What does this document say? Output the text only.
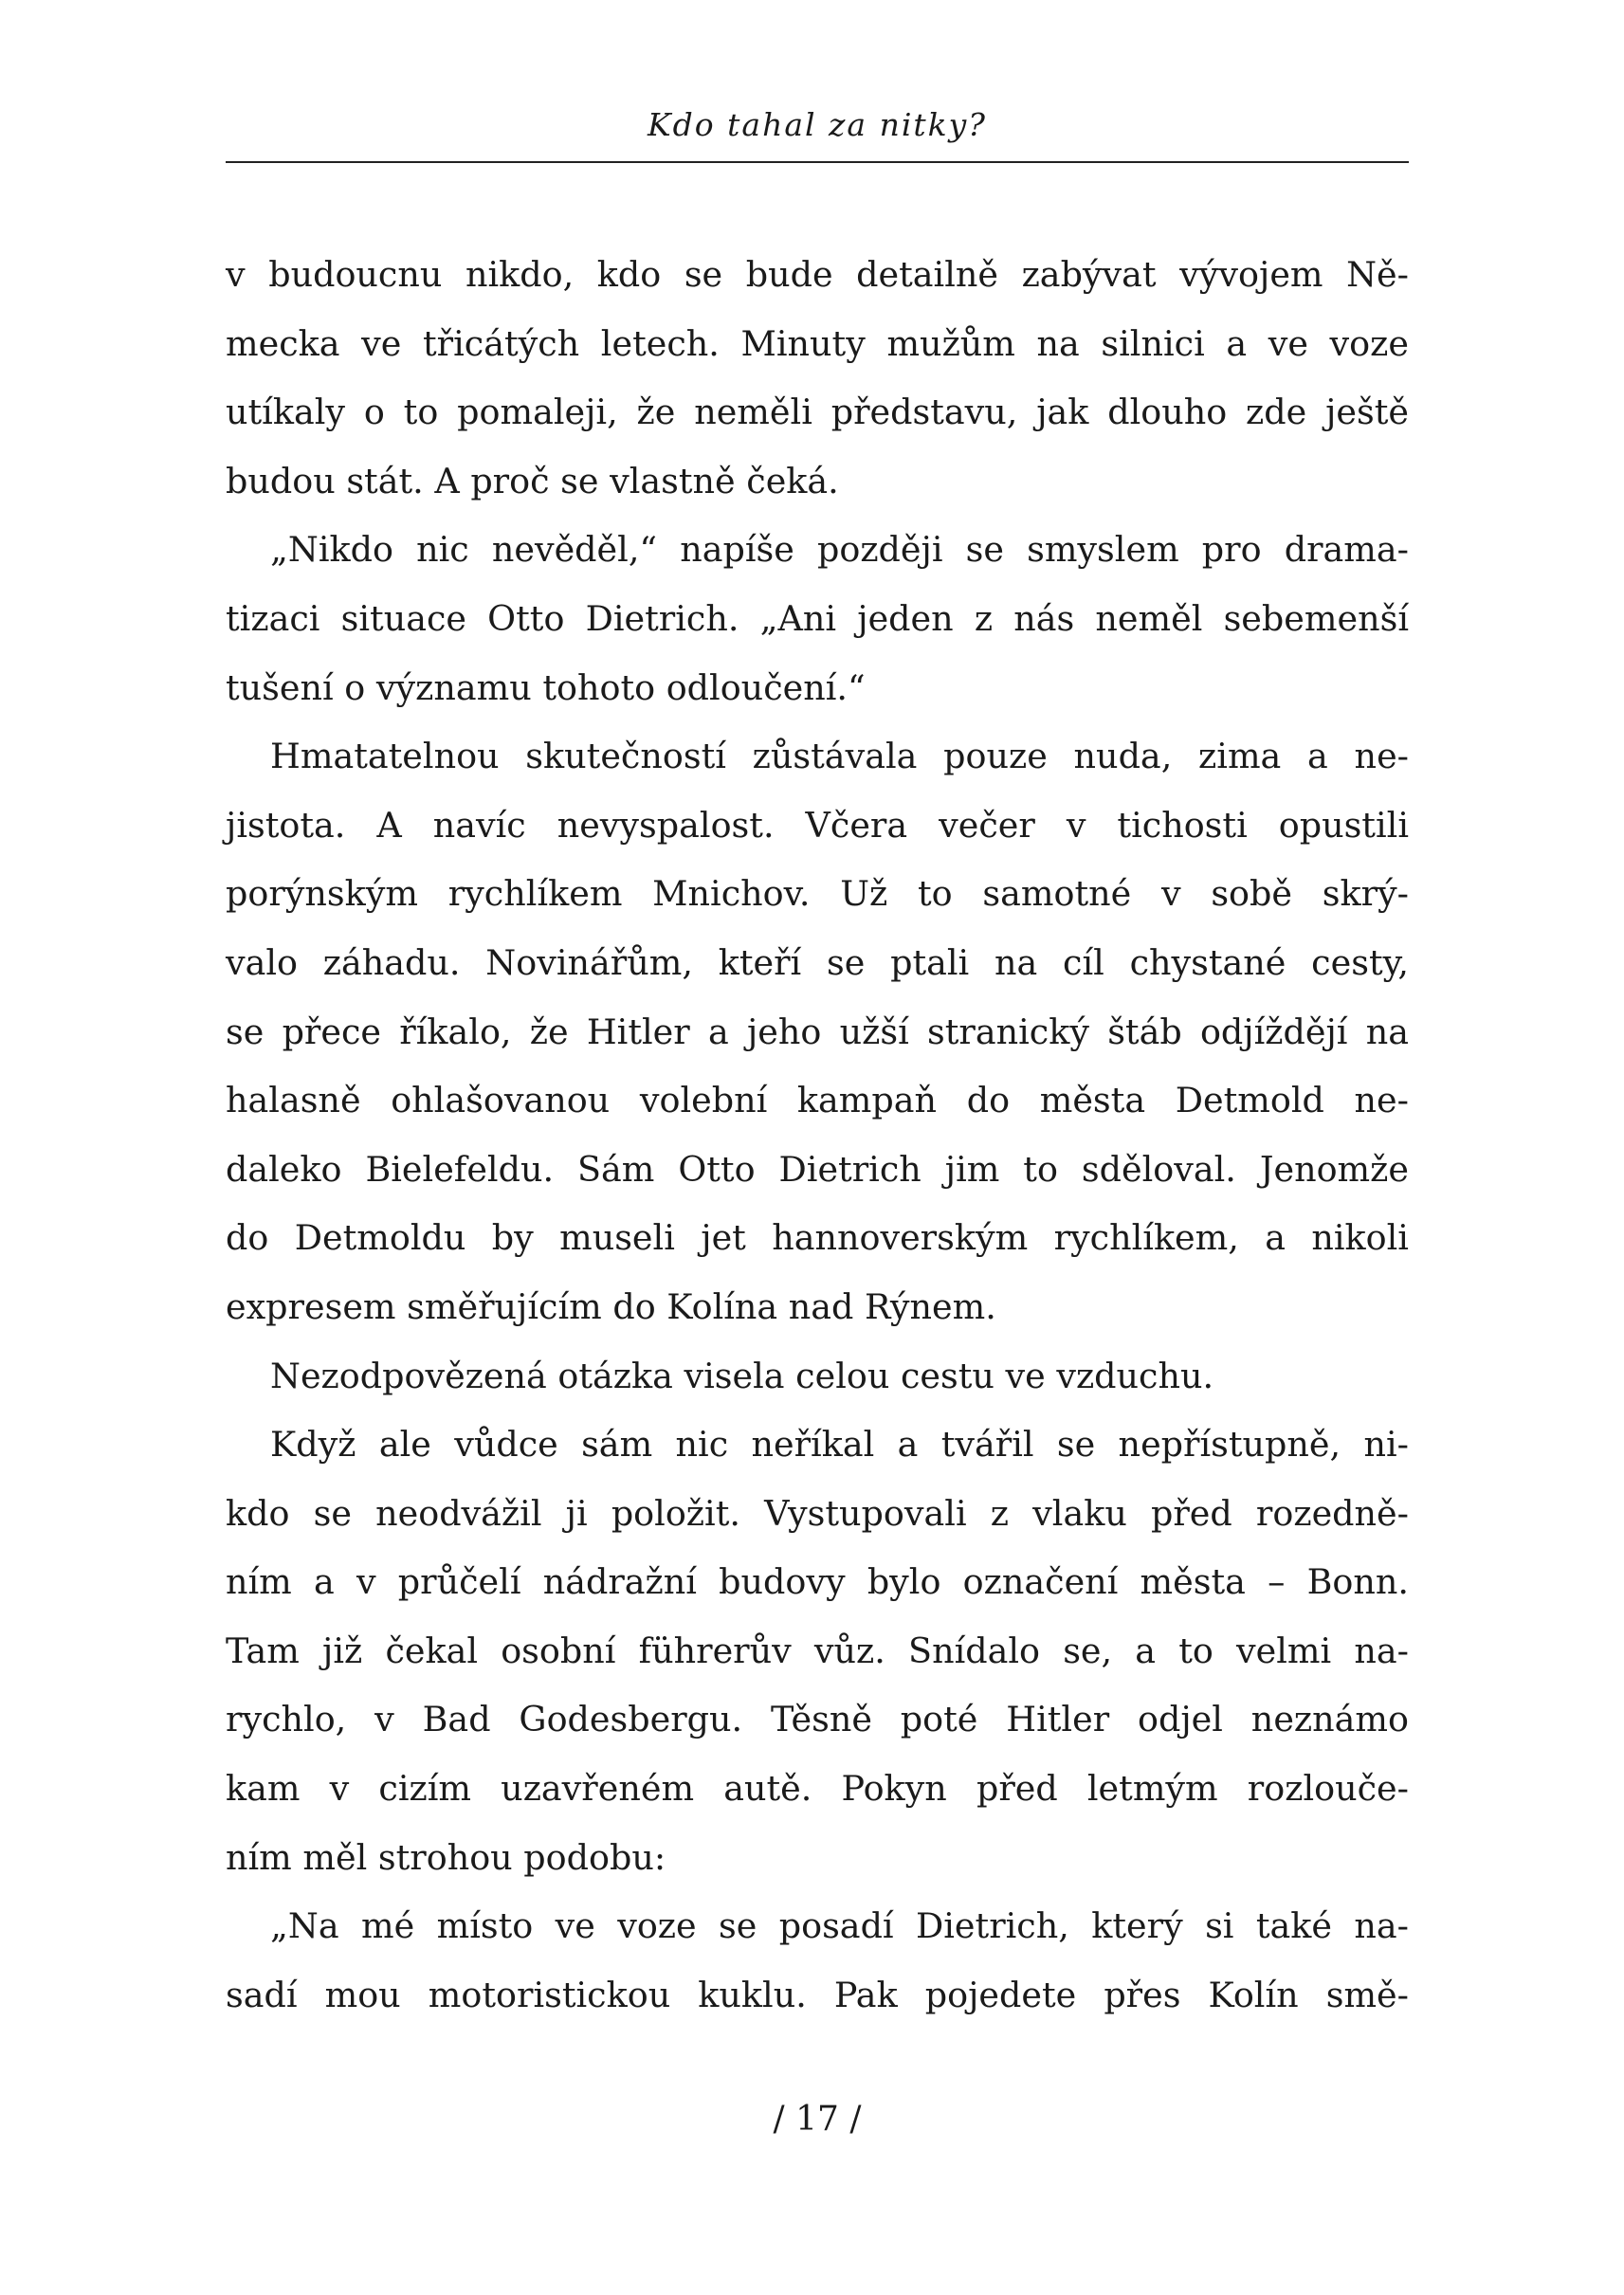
Kdo tahal za nitky?
v budoucnu nikdo, kdo se bude detailně zabývat vývojem Ně-
mecka ve třicátých letech. Minuty mužům na silnici a ve voze
utíkaly o to pomaleji, že neměli představu, jak dlouho zde ještě
budou stát. A proč se vlastně čeká.
„Nikdo nic nevěděl,“ napíše později se smyslem pro drama-
tizaci situace Otto Dietrich. „Ani jeden z nás neměl sebemenší
tušení o významu tohoto odloučení.“
Hmatatelnou skutečností zůstávala pouze nuda, zima a ne-
jistota. A navíc nevyspalost. Včera večer v tichosti opustili
porýnským rychlíkem Mnichov. Už to samotné v sobě skrý-
valo záhadu. Novinářům, kteří se ptali na cíl chystané cesty,
se přece říkalo, že Hitler a jeho užší stranický štáb odjíždějí na
halasně ohlašovanou volební kampaň do města Detmold ne-
daleko Bielefeldu. Sám Otto Dietrich jim to sděloval. Jenomže
do Detmoldu by museli jet hannoverským rychlíkem, a nikoli
expresem směřujícím do Kolína nad Rýnem.
Nezodpovězená otázka visela celou cestu ve vzduchu.
Když ale vůdce sám nic neříkal a tvářil se nepřístupně, ni-
kdo se neodvážil ji položit. Vystupovali z vlaku před rozedně-
ním a v průčelí nádražní budovy bylo označení města – Bonn.
Tam již čekal osobní führerův vůz. Snídalo se, a to velmi na-
rychlo, v Bad Godesbergu. Těsně poté Hitler odjel neznámo
kam v cizím uzavřeném autě. Pokyn před letmým rozlouče-
ním měl strohou podobu:
„Na mé místo ve voze se posadí Dietrich, který si také na-
sadí mou motoristickou kuklu. Pak pojedete přes Kolín smě-
/ 17 /
